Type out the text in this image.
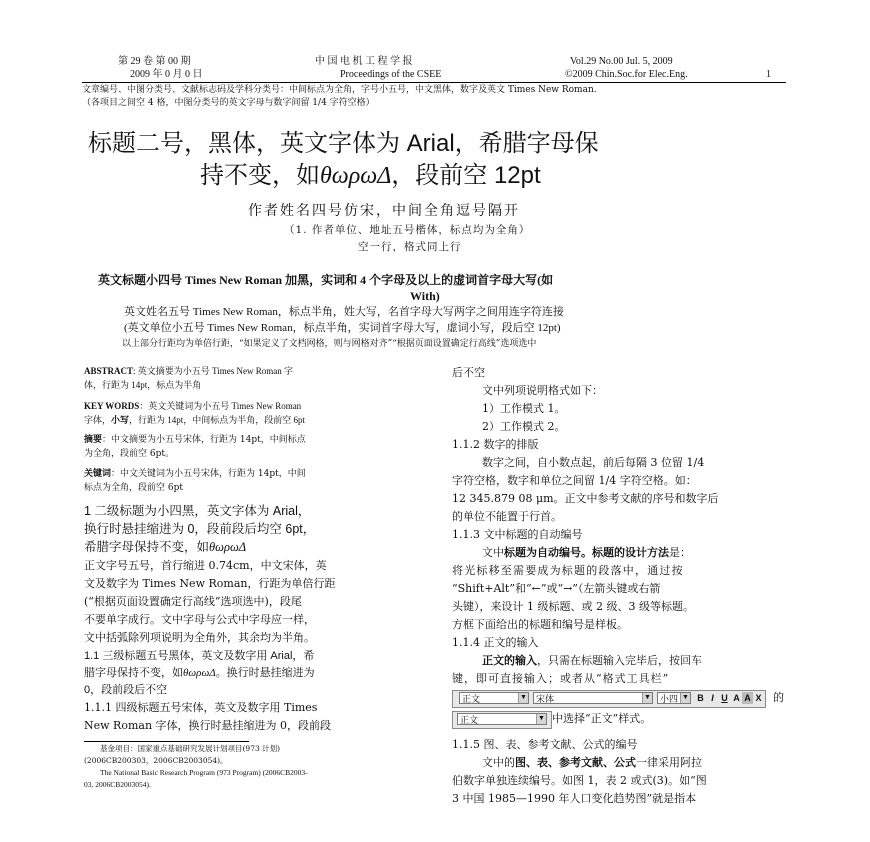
第 29 卷 第 00 期
2009 年 0 月 0 日
中 国 电 机 工 程 学 报
Proceedings of the CSEE
Vol.29 No.00 Jul. 5, 2009
©2009 Chin.Soc.for Elec.Eng.	1
文章编号、中图分类号、文献标志码及学科分类号：中间标点为全角，字号小五号，中文黑体，数字及英文 Times New Roman.
（各项目之间空 4 格，中图分类号的英文字母与数字间留 1/4 字符空格）
标题二号，黑体，英文字体为 Arial，希腊字母保
持不变，如θωρωΔ，段前空 12pt
作者姓名四号仿宋，中间全角逗号隔开
（1. 作者单位、地址五号楷体，标点均为全角）
空一行，格式同上行
英文标题小四号 Times New Roman 加黑，实词和 4 个字母及以上的虚词首字母大写(如
With)
英文姓名五号 Times New Roman，标点半角，姓大写，名首字母大写两字之间用连字符连接
(英文单位小五号 Times New Roman，标点半角，实词首字母大写，虚词小写，段后空 12pt)
以上部分行距均为单倍行距，“如果定义了文档网格，则与网格对齐”“根据页面设置确定行高线”选项选中
ABSTRACT: 英文摘要为小五号 Times New Roman 字
体，行距为 14pt，标点为半角
KEY WORDS：英文关键词为小五号 Times New Roman
字体，小写，行距为 14pt，中间标点为半角，段前空 6pt
摘要：中文摘要为小五号宋体，行距为 14pt，中间标点
为全角，段前空 6pt。
关键词：中文关键词为小五号宋体，行距为 14pt，中间
标点为全角，段前空 6pt
1 二级标题为小四黑，英文字体为 Arial，
换行时悬挂缩进为 0，段前段后均空 6pt，
希腊字母保持不变，如θωρωΔ
正文字号五号，首行缩进 0.74cm，中文宋体，英
文及数字为 Times New Roman，行距为单倍行距
(“根据页面设置确定行高线”选项选中)，段尾
不要单字成行。文中字母与公式中字母应一样，
文中括弧除列项说明为全角外，其余均为半角。
1.1 三级标题五号黑体，英文及数字用 Arial，希
腊字母保持不变，如θωρωΔ。换行时悬挂缩进为
0，段前段后不空
1.1.1 四级标题五号宋体，英文及数字用 Times
New Roman 字体，换行时悬挂缩进为 0，段前段
基金项目：国家重点基础研究发展计划项目(973 计划)
(2006CB200303，2006CB2003054)。
The National Basic Research Program (973 Program) (2006CB2003-
03, 2006CB2003054).
后不空
文中列项说明格式如下：
1）工作模式 1。
2）工作模式 2。
1.1.2 数字的排版
数字之间，自小数点起，前后每隔 3 位留 1/4
字符空格，数字和单位之间留 1/4 字符空格。如：
12 345.879 08 μm。正文中参考文献的序号和数字后
的单位不能置于行首。
1.1.3 文中标题的自动编号
文中标题为自动编号。标题的设计方法是：
将光标移至需要成为标题的段落中，通过按
“Shift+Alt”和“←”或“→”（左箭头键或右箭
头键），来设计 1 级标题、或 2 级、3 级等标题。
方框下面给出的标题和编号是样板。
1.1.4 正文的输入
正文的输入，只需在标题输入完毕后，按回车
键，即可直接输入；或者从“格式工具栏”
正文	▼	宋体	▼	小四 ▼ B I U A A X 的
正文	▼ 中选择“正文”样式。
1.1.5 图、表、参考文献、公式的编号
文中的图、表、参考文献、公式一律采用阿拉
伯数字单独连续编号。如图 1，表 2 或式(3)。如“图
3 中国 1985—1990 年人口变化趋势图”就是指本
